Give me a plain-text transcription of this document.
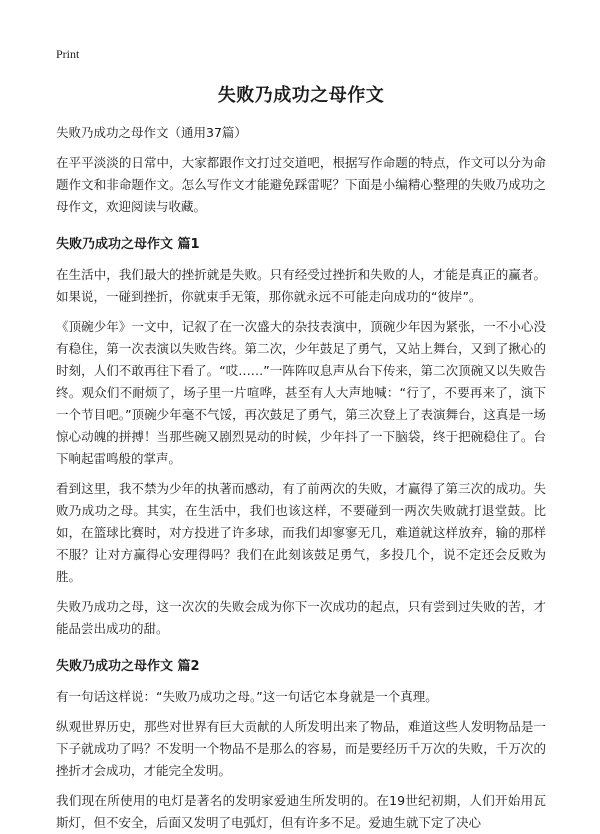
Print
失败乃成功之母作文
失败乃成功之母作文（通用37篇）

在平平淡淡的日常中，大家都跟作文打过交道吧，根据写作命题的特点，作文可以分为命题作文和非命题作文。怎么写作文才能避免踩雷呢？下面是小编精心整理的失败乃成功之母作文，欢迎阅读与收藏。

失败乃成功之母作文 篇1

在生活中，我们最大的挫折就是失败。只有经受过挫折和失败的人，才能是真正的赢者。如果说，一碰到挫折，你就束手无策，那你就永远不可能走向成功的“彼岸”。

《顶碗少年》一文中，记叙了在一次盛大的杂技表演中，顶碗少年因为紧张，一不小心没有稳住，第一次表演以失败告终。第二次，少年鼓足了勇气，又站上舞台，又到了揪心的时刻，人们不敢再往下看了。“哎……”一阵阵叹息声从台下传来，第二次顶碗又以失败告终。观众们不耐烦了，场子里一片喧哗，甚至有人大声地喊：“行了，不要再来了，演下一个节目吧。”顶碗少年毫不气馁，再次鼓足了勇气，第三次登上了表演舞台，这真是一场惊心动魄的拼搏！当那些碗又剧烈晃动的时候，少年抖了一下脑袋，终于把碗稳住了。台下响起雷鸣般的掌声。

看到这里，我不禁为少年的执著而感动，有了前两次的失败，才赢得了第三次的成功。失败乃成功之母。其实，在生活中，我们也该这样，不要碰到一两次失败就打退堂鼓。比如，在篮球比赛时，对方投进了许多球，而我们却寥寥无几，难道就这样放弃，输的那样不服？让对方赢得心安理得吗？我们在此刻该鼓足勇气，多投几个，说不定还会反败为胜。

失败乃成功之母，这一次次的失败会成为你下一次成功的起点，只有尝到过失败的苦，才能品尝出成功的甜。

失败乃成功之母作文 篇2

有一句话这样说：“失败乃成功之母。”这一句话它本身就是一个真理。

纵观世界历史，那些对世界有巨大贡献的人所发明出来了物品，难道这些人发明物品是一下子就成功了吗？不发明一个物品不是那么的容易，而是要经历千万次的失败，千万次的挫折才会成功，才能完全发明。

我们现在所使用的电灯是著名的发明家爱迪生所发明的。在19世纪初期，人们开始用瓦斯灯，但不安全，后面又发明了电弧灯，但有许多不足。爱迪生就下定了决心
